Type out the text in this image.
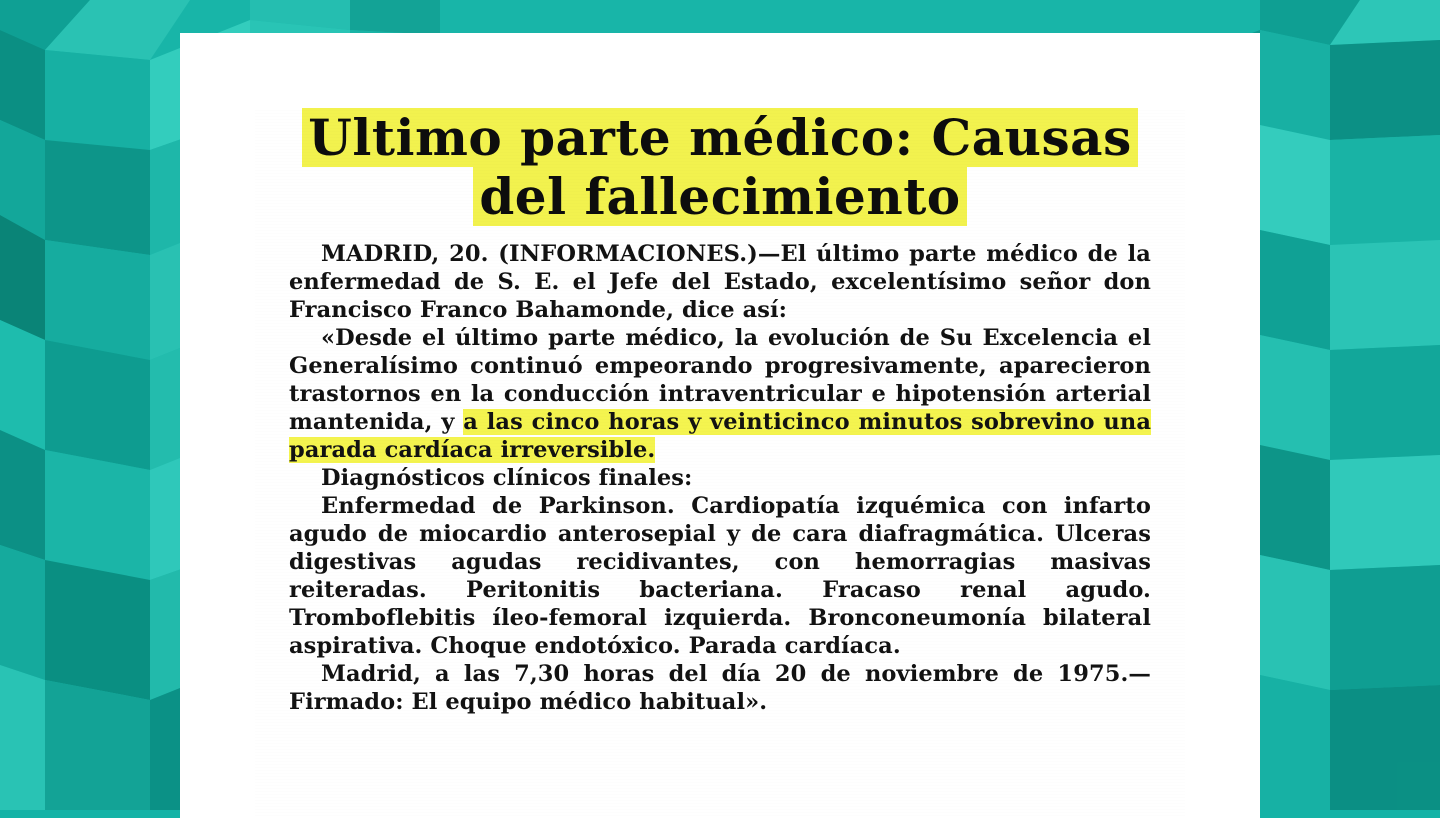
Ultimo parte médico: Causas
del fallecimiento

MADRID, 20. (INFORMACIONES.)—El último parte médico de la enfermedad de S. E. el Jefe del Estado, excelentísimo señor don Francisco Franco Bahamonde, dice así:

«Desde el último parte médico, la evolución de Su Excelencia el Generalísimo continuó empeorando progresivamente, aparecieron trastornos en la conducción intraventricular e hipotensión arterial mantenida, y a las cinco horas y veinticinco minutos sobrevino una parada cardíaca irreversible.

Diagnósticos clínicos finales:

Enfermedad de Parkinson. Cardiopatía izquémica con infarto agudo de miocardio anterosepial y de cara diafragmática. Ulceras digestivas agudas recidivantes, con hemorragias masivas reiteradas. Peritonitis bacteriana. Fracaso renal agudo. Tromboflebitis íleo-femoral izquierda. Bronconeumonía bilateral aspirativa. Choque endotóxico. Parada cardíaca.

Madrid, a las 7,30 horas del día 20 de noviembre de 1975.—Firmado: El equipo médico habitual».
